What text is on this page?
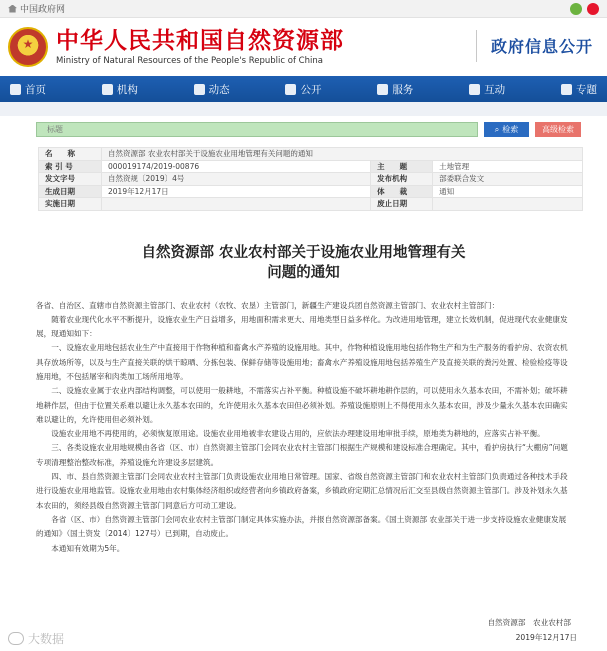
中国政府网
★
中华人民共和国自然资源部
Ministry of Natural Resources of the People's Republic of China
政府信息公开
首页	机构	动态	公开	服务	互动	专题
标题
⌕ 检索	高级检索
名　　称	自然资源部 农业农村部关于设施农业用地管理有关问题的通知		
索 引 号	000019174/2019-00876	主　　题	土地管理
发文字号	自然资规〔2019〕4号	发布机构	部委联合发文
生成日期	2019年12月17日	体　　裁	通知
实施日期		废止日期	
自然资源部 农业农村部关于设施农业用地管理有关
问题的通知

各省、自治区、直辖市自然资源主管部门、农业农村（农牧、农垦）主管部门，新疆生产建设兵团自然资源主管部门、农业农村主管部门：

随着农业现代化水平不断提升，设施农业生产日益增多，用地面积需求更大、用地类型日益多样化。为改进用地管理，建立长效机制，促进现代农业健康发展，现通知如下：

一、设施农业用地包括农业生产中直接用于作物种植和畜禽水产养殖的设施用地。其中，作物种植设施用地包括作物生产和为生产服务的看护房、农资农机具存放场所等，以及与生产直接关联的烘干晾晒、分拣包装、保鲜存储等设施用地；畜禽水产养殖设施用地包括养殖生产及直接关联的粪污处置、检验检疫等设施用地，不包括屠宰和肉类加工场所用地等。

二、设施农业属于农业内部结构调整，可以使用一般耕地，不需落实占补平衡。种植设施不破坏耕地耕作层的，可以使用永久基本农田，不需补划；破坏耕地耕作层，但由于位置关系难以避让永久基本农田的，允许使用永久基本农田但必须补划。养殖设施原则上不得使用永久基本农田，涉及少量永久基本农田确实难以避让的，允许使用但必须补划。

设施农业用地不再使用的，必须恢复原用途。设施农业用地被非农建设占用的，应依法办理建设用地审批手续，原地类为耕地的，应落实占补平衡。

三、各类设施农业用地规模由各省（区、市）自然资源主管部门会同农业农村主管部门根据生产规模和建设标准合理确定。其中，看护房执行“大棚房”问题专项清理整治整改标准，养殖设施允许建设多层建筑。

四、市、县自然资源主管部门会同农业农村主管部门负责设施农业用地日常管理。国家、省级自然资源主管部门和农业农村主管部门负责通过各种技术手段进行设施农业用地监管。设施农业用地由农村集体经济组织或经营者向乡镇政府备案，乡镇政府定期汇总情况后汇交至县级自然资源主管部门。涉及补划永久基本农田的，须经县级自然资源主管部门同意后方可动工建设。

各省（区、市）自然资源主管部门会同农业农村主管部门制定具体实施办法，并报自然资源部备案。《国土资源部 农业部关于进一步支持设施农业健康发展的通知》（国土资发〔2014〕127号）已到期，自动废止。

本通知有效期为5年。

自然资源部　农业农村部
2019年12月17日
大数据
